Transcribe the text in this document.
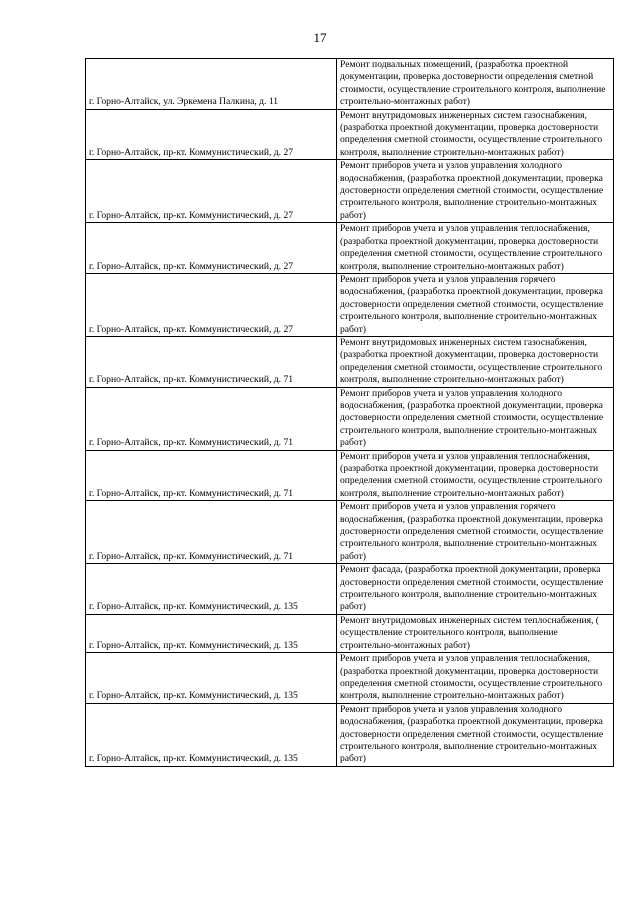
17
г. Горно-Алтайск, ул. Эркемена Палкина, д. 11	Ремонт подвальных помещений, (разработка проектной документации, проверка достоверности определения сметной стоимости, осуществление строительного контроля, выполнение строительно-монтажных работ)
г. Горно-Алтайск, пр-кт. Коммунистический, д. 27	Ремонт внутридомовых инженерных систем газоснабжения, (разработка проектной документации, проверка достоверности определения сметной стоимости, осуществление строительного контроля, выполнение строительно-монтажных работ)
г. Горно-Алтайск, пр-кт. Коммунистический, д. 27	Ремонт приборов учета и узлов управления холодного водоснабжения, (разработка проектной документации, проверка достоверности определения сметной стоимости, осуществление строительного контроля, выполнение строительно-монтажных работ)
г. Горно-Алтайск, пр-кт. Коммунистический, д. 27	Ремонт приборов учета и узлов управления теплоснабжения, (разработка проектной документации, проверка достоверности определения сметной стоимости, осуществление строительного контроля, выполнение строительно-монтажных работ)
г. Горно-Алтайск, пр-кт. Коммунистический, д. 27	Ремонт приборов учета и узлов управления горячего водоснабжения, (разработка проектной документации, проверка достоверности определения сметной стоимости, осуществление строительного контроля, выполнение строительно-монтажных работ)
г. Горно-Алтайск, пр-кт. Коммунистический, д. 71	Ремонт внутридомовых инженерных систем газоснабжения, (разработка проектной документации, проверка достоверности определения сметной стоимости, осуществление строительного контроля, выполнение строительно-монтажных работ)
г. Горно-Алтайск, пр-кт. Коммунистический, д. 71	Ремонт приборов учета и узлов управления холодного водоснабжения, (разработка проектной документации, проверка достоверности определения сметной стоимости, осуществление строительного контроля, выполнение строительно-монтажных работ)
г. Горно-Алтайск, пр-кт. Коммунистический, д. 71	Ремонт приборов учета и узлов управления теплоснабжения, (разработка проектной документации, проверка достоверности определения сметной стоимости, осуществление строительного контроля, выполнение строительно-монтажных работ)
г. Горно-Алтайск, пр-кт. Коммунистический, д. 71	Ремонт приборов учета и узлов управления горячего водоснабжения, (разработка проектной документации, проверка достоверности определения сметной стоимости, осуществление строительного контроля, выполнение строительно-монтажных работ)
г. Горно-Алтайск, пр-кт. Коммунистический, д. 135	Ремонт фасада, (разработка проектной документации, проверка достоверности определения сметной стоимости, осуществление строительного контроля, выполнение строительно-монтажных работ)
г. Горно-Алтайск, пр-кт. Коммунистический, д. 135	Ремонт внутридомовых инженерных систем теплоснабжения, ( осуществление строительного контроля, выполнение строительно-монтажных работ)
г. Горно-Алтайск, пр-кт. Коммунистический, д. 135	Ремонт приборов учета и узлов управления теплоснабжения, (разработка проектной документации, проверка достоверности определения сметной стоимости, осуществление строительного контроля, выполнение строительно-монтажных работ)
г. Горно-Алтайск, пр-кт. Коммунистический, д. 135	Ремонт приборов учета и узлов управления холодного водоснабжения, (разработка проектной документации, проверка достоверности определения сметной стоимости, осуществление строительного контроля, выполнение строительно-монтажных работ)
